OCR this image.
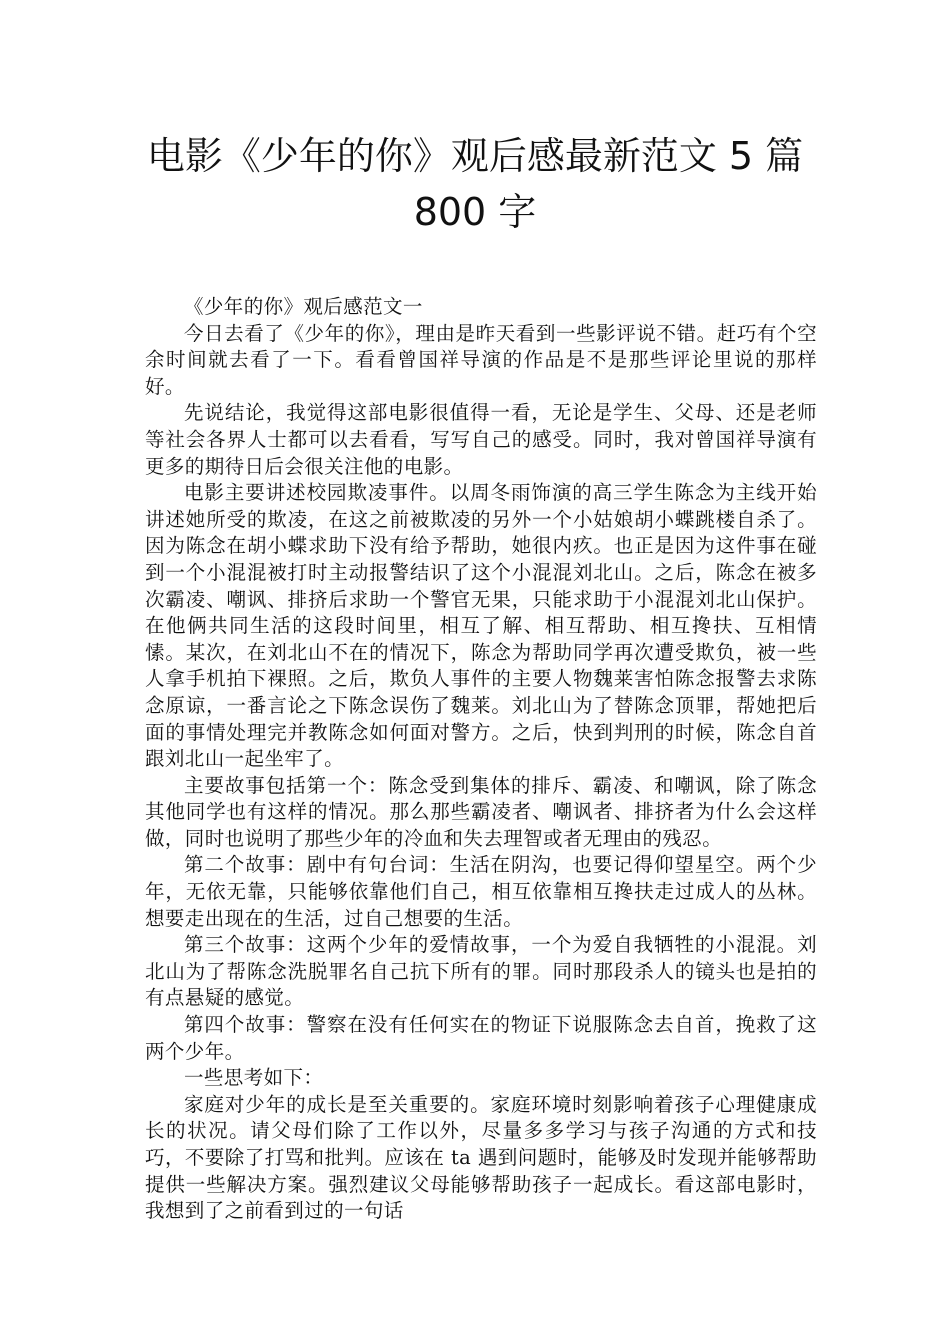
电影《少年的你》观后感最新范文 5 篇
800 字

《少年的你》观后感范文一

今日去看了《少年的你》，理由是昨天看到一些影评说不错。赶巧有个空余时间就去看了一下。看看曾国祥导演的作品是不是那些评论里说的那样好。

先说结论，我觉得这部电影很值得一看，无论是学生、父母、还是老师等社会各界人士都可以去看看，写写自己的感受。同时，我对曾国祥导演有更多的期待日后会很关注他的电影。

电影主要讲述校园欺凌事件。以周冬雨饰演的高三学生陈念为主线开始讲述她所受的欺凌，在这之前被欺凌的另外一个小姑娘胡小蝶跳楼自杀了。因为陈念在胡小蝶求助下没有给予帮助，她很内疚。也正是因为这件事在碰到一个小混混被打时主动报警结识了这个小混混刘北山。之后，陈念在被多次霸凌、嘲讽、排挤后求助一个警官无果，只能求助于小混混刘北山保护。在他俩共同生活的这段时间里，相互了解、相互帮助、相互搀扶、互相情愫。某次，在刘北山不在的情况下，陈念为帮助同学再次遭受欺负，被一些人拿手机拍下裸照。之后，欺负人事件的主要人物魏莱害怕陈念报警去求陈念原谅，一番言论之下陈念误伤了魏莱。刘北山为了替陈念顶罪，帮她把后面的事情处理完并教陈念如何面对警方。之后，快到判刑的时候，陈念自首跟刘北山一起坐牢了。

主要故事包括第一个：陈念受到集体的排斥、霸凌、和嘲讽，除了陈念其他同学也有这样的情况。那么那些霸凌者、嘲讽者、排挤者为什么会这样做，同时也说明了那些少年的冷血和失去理智或者无理由的残忍。

第二个故事：剧中有句台词：生活在阴沟，也要记得仰望星空。两个少年，无依无靠，只能够依靠他们自己，相互依靠相互搀扶走过成人的丛林。想要走出现在的生活，过自己想要的生活。

第三个故事：这两个少年的爱情故事，一个为爱自我牺牲的小混混。刘北山为了帮陈念洗脱罪名自己抗下所有的罪。同时那段杀人的镜头也是拍的有点悬疑的感觉。

第四个故事：警察在没有任何实在的物证下说服陈念去自首，挽救了这两个少年。

一些思考如下：

家庭对少年的成长是至关重要的。家庭环境时刻影响着孩子心理健康成长的状况。请父母们除了工作以外，尽量多多学习与孩子沟通的方式和技巧，不要除了打骂和批判。应该在 ta 遇到问题时，能够及时发现并能够帮助提供一些解决方案。强烈建议父母能够帮助孩子一起成长。看这部电影时，我想到了之前看到过的一句话
